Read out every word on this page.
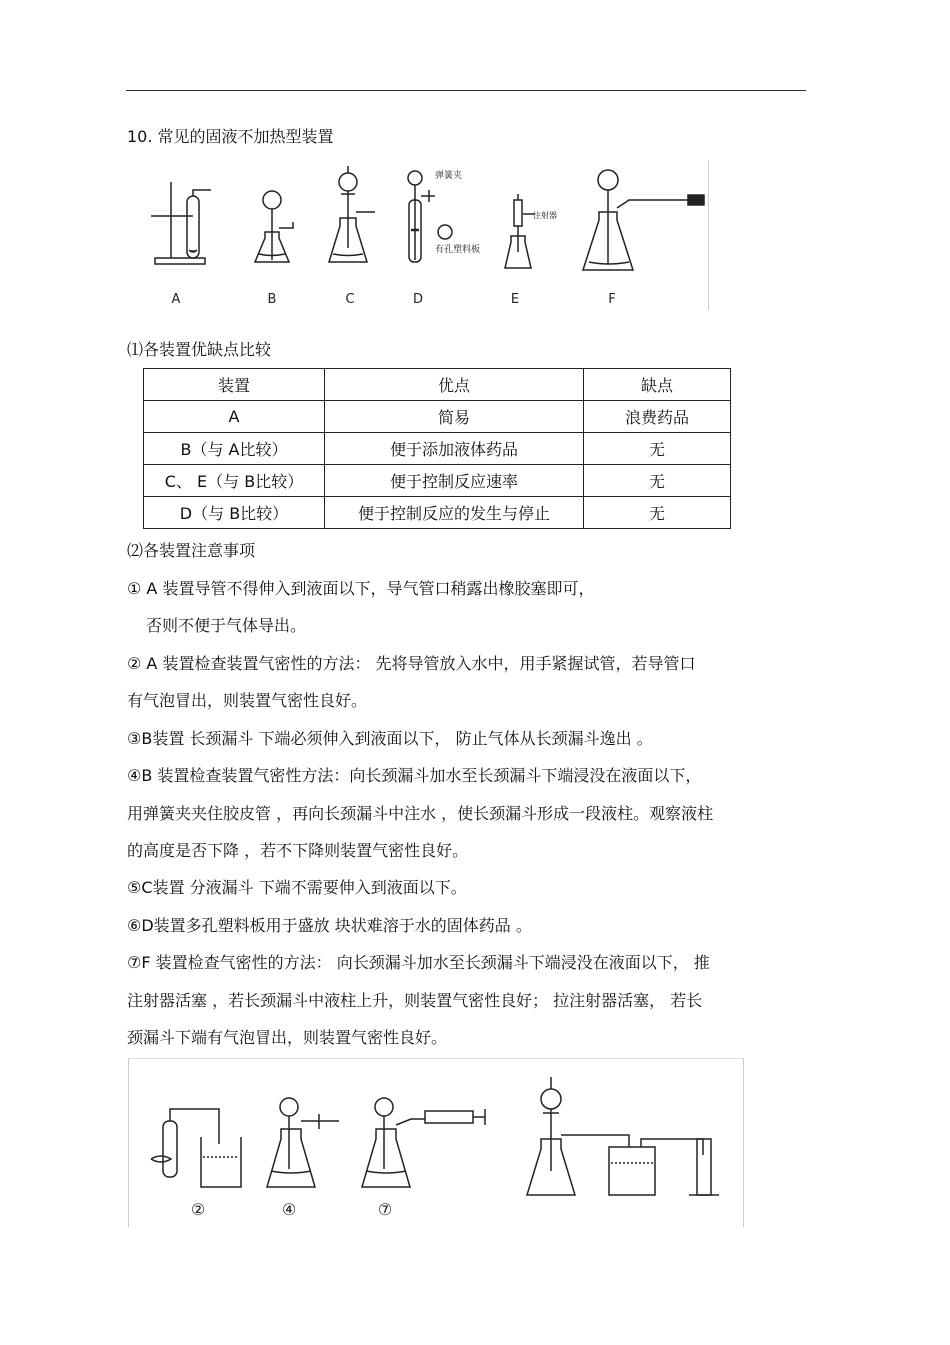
10. 常见的固液不加热型装置
弹簧夹
有孔塑料板
注射器
A	B	C	D	E	F
⑴各装置优缺点比较
装置	优点	缺点
A	简易	浪费药品
B（与 A比较）	便于添加液体药品	无
C、 E（与 B比较）	便于控制反应速率	无
D（与 B比较）	便于控制反应的发生与停止	无
⑵各装置注意事项
① A 装置导管不得伸入到液面以下，导气管口稍露出橡胶塞即可，
否则不便于气体导出。
② A 装置检查装置气密性的方法： 先将导管放入水中，用手紧握试管，若导管口
有气泡冒出，则装置气密性良好。
③B装置 长颈漏斗 下端必须伸入到液面以下， 防止气体从长颈漏斗逸出 。
④B 装置检查装置气密性方法：向长颈漏斗加水至长颈漏斗下端浸没在液面以下，
用弹簧夹夹住胶皮管 ，再向长颈漏斗中注水 ，使长颈漏斗形成一段液柱。观察液柱
的高度是否下降 ，若不下降则装置气密性良好。
⑤C装置 分液漏斗 下端不需要伸入到液面以下。
⑥D装置多孔塑料板用于盛放 块状难溶于水的固体药品 。
⑦F 装置检查气密性的方法： 向长颈漏斗加水至长颈漏斗下端浸没在液面以下， 推
注射器活塞 ，若长颈漏斗中液柱上升，则装置气密性良好； 拉注射器活塞， 若长
颈漏斗下端有气泡冒出，则装置气密性良好。
②	④	⑦
